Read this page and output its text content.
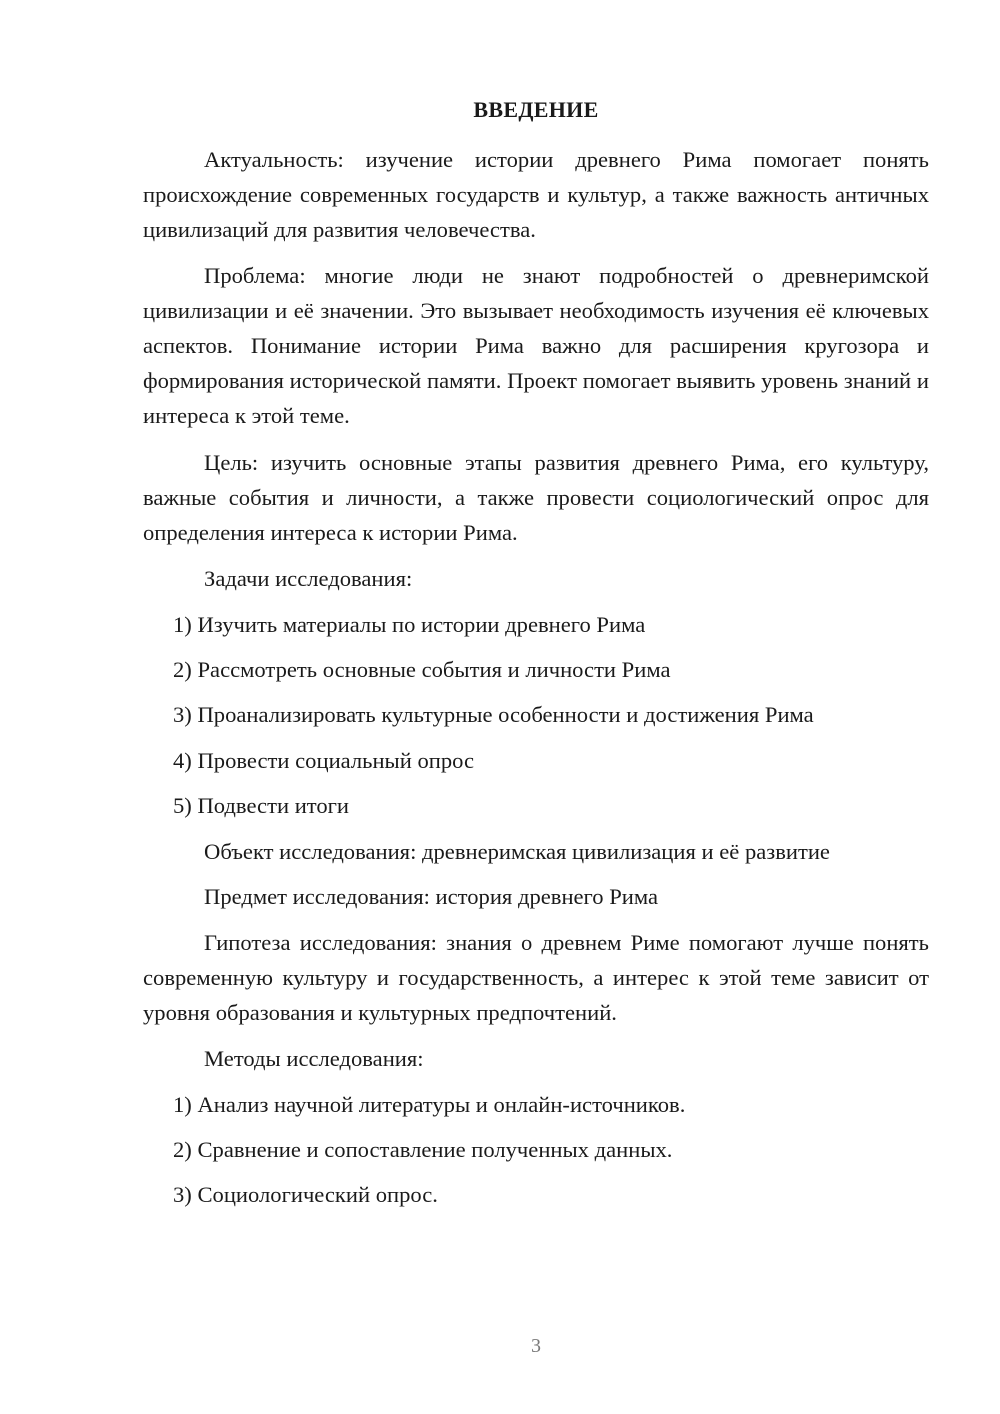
ВВЕДЕНИЕ

Актуальность: изучение истории древнего Рима помогает понять происхождение современных государств и культур, а также важность античных цивилизаций для развития человечества.

Проблема: многие люди не знают подробностей о древнеримской цивилизации и её значении. Это вызывает необходимость изучения её ключевых аспектов. Понимание истории Рима важно для расширения кругозора и формирования исторической памяти. Проект помогает выявить уровень знаний и интереса к этой теме.

Цель: изучить основные этапы развития древнего Рима, его культуру, важные события и личности, а также провести социологический опрос для определения интереса к истории Рима.

Задачи исследования:

1) Изучить материалы по истории древнего Рима

2) Рассмотреть основные события и личности Рима

3) Проанализировать культурные особенности и достижения Рима

4) Провести социальный опрос

5) Подвести итоги

Объект исследования: древнеримская цивилизация и её развитие

Предмет исследования: история древнего Рима

Гипотеза исследования: знания о древнем Риме помогают лучше понять современную культуру и государственность, а интерес к этой теме зависит от уровня образования и культурных предпочтений.

Методы исследования:

1) Анализ научной литературы и онлайн-источников.

2) Сравнение и сопоставление полученных данных.

3) Социологический опрос.

3
